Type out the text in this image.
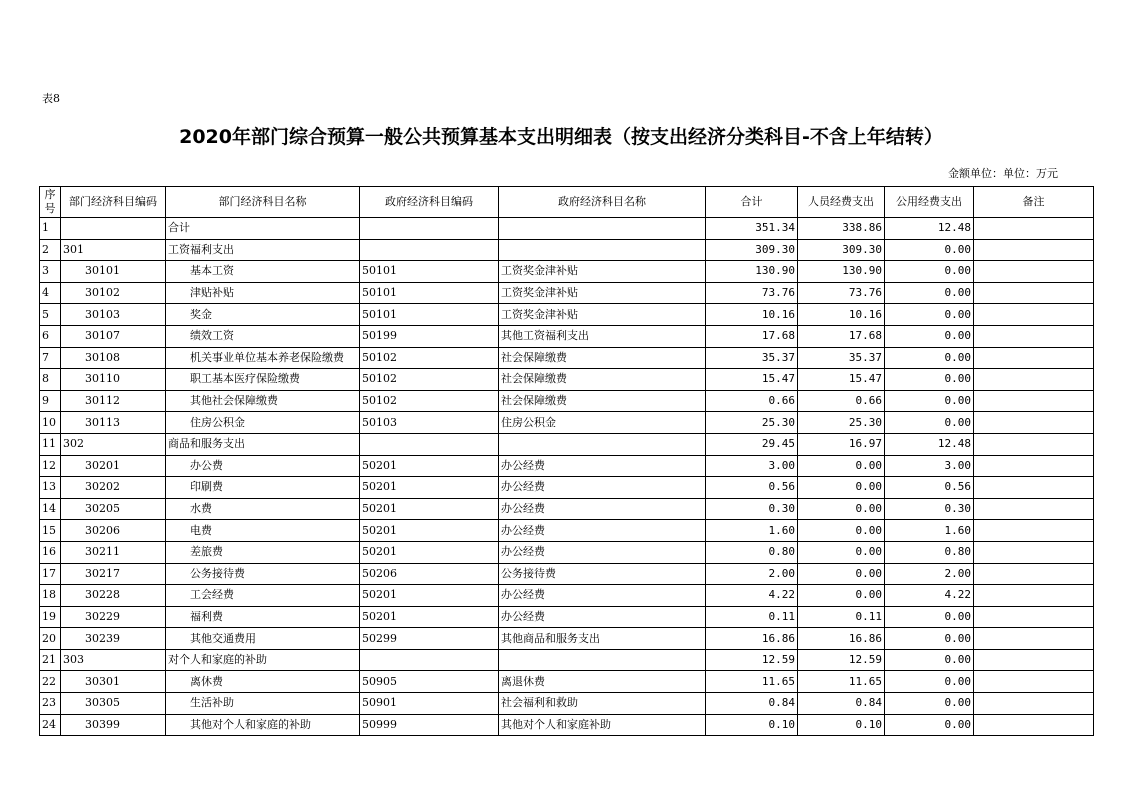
表8
2020年部门综合预算一般公共预算基本支出明细表（按支出经济分类科目-不含上年结转）
金额单位：单位：万元
序号	部门经济科目编码	部门经济科目名称	政府经济科目编码	政府经济科目名称	合计	人员经费支出	公用经费支出	备注
1		合计			351.34	338.86	12.48	
2	301	工资福利支出			309.30	309.30	0.00	
3	30101	基本工资	50101	工资奖金津补贴	130.90	130.90	0.00	
4	30102	津贴补贴	50101	工资奖金津补贴	73.76	73.76	0.00	
5	30103	奖金	50101	工资奖金津补贴	10.16	10.16	0.00	
6	30107	绩效工资	50199	其他工资福利支出	17.68	17.68	0.00	
7	30108	机关事业单位基本养老保险缴费	50102	社会保障缴费	35.37	35.37	0.00	
8	30110	职工基本医疗保险缴费	50102	社会保障缴费	15.47	15.47	0.00	
9	30112	其他社会保障缴费	50102	社会保障缴费	0.66	0.66	0.00	
10	30113	住房公积金	50103	住房公积金	25.30	25.30	0.00	
11	302	商品和服务支出			29.45	16.97	12.48	
12	30201	办公费	50201	办公经费	3.00	0.00	3.00	
13	30202	印刷费	50201	办公经费	0.56	0.00	0.56	
14	30205	水费	50201	办公经费	0.30	0.00	0.30	
15	30206	电费	50201	办公经费	1.60	0.00	1.60	
16	30211	差旅费	50201	办公经费	0.80	0.00	0.80	
17	30217	公务接待费	50206	公务接待费	2.00	0.00	2.00	
18	30228	工会经费	50201	办公经费	4.22	0.00	4.22	
19	30229	福利费	50201	办公经费	0.11	0.11	0.00	
20	30239	其他交通费用	50299	其他商品和服务支出	16.86	16.86	0.00	
21	303	对个人和家庭的补助			12.59	12.59	0.00	
22	30301	离休费	50905	离退休费	11.65	11.65	0.00	
23	30305	生活补助	50901	社会福利和救助	0.84	0.84	0.00	
24	30399	其他对个人和家庭的补助	50999	其他对个人和家庭补助	0.10	0.10	0.00	
